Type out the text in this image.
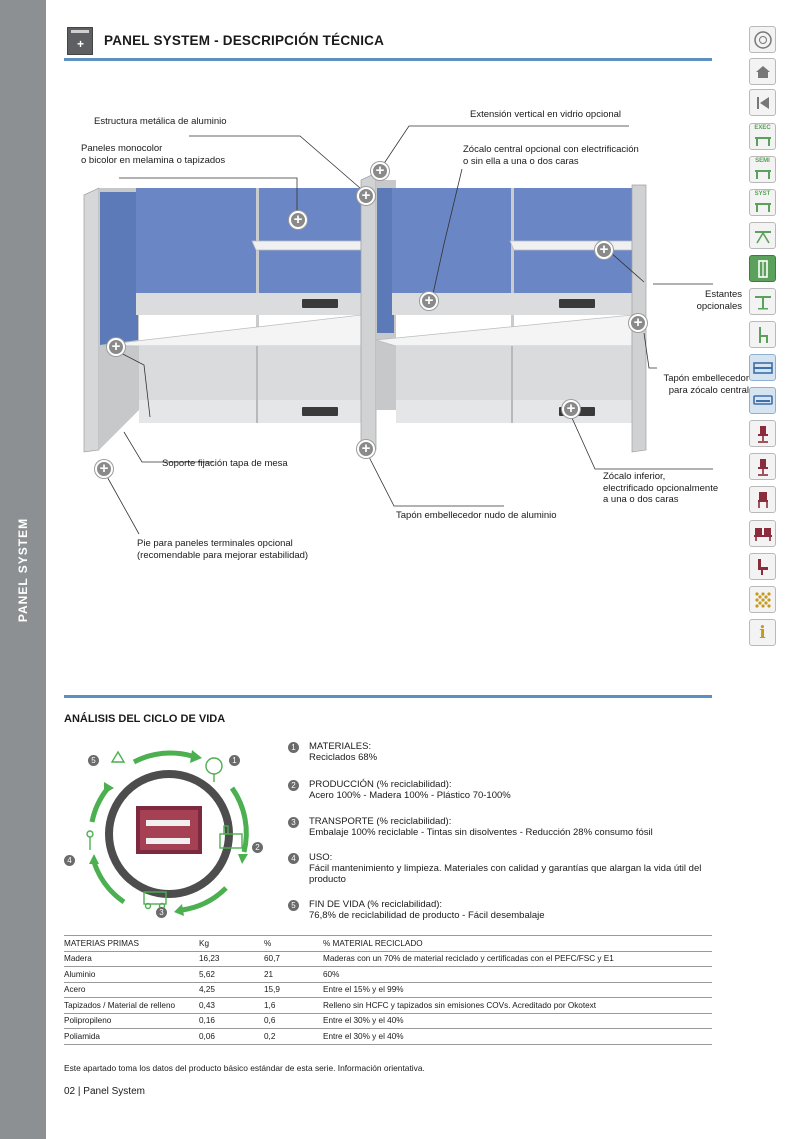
PANEL SYSTEM
+ PANEL SYSTEM - DESCRIPCIÓN TÉCNICA
+
+
+
+
+
+
+
+
+
+
Estructura metálica de aluminio
Paneles monocolor
o bicolor en melamina o tapizados
Extensión vertical en vidrio opcional
Zócalo central opcional con electrificación
o sin ella a una o dos caras
Estantes
opcionales
Tapón embellecedor
para zócalo central
Soporte fijación tapa de mesa
Zócalo inferior,
electrificado opcionalmente
a una o dos caras
Tapón embellecedor nudo de aluminio
Pie para paneles terminales opcional
(recomendable para mejorar estabilidad)
EXEC
SEMI
SYST
i
ANÁLISIS DEL CICLO DE VIDA
1
2
3
4
5
1	MATERIALES:
Reciclados 68%
2	PRODUCCIÓN (% reciclabilidad):
Acero 100% - Madera 100% - Plástico 70-100%
3	TRANSPORTE (% reciclabilidad):
Embalaje 100% reciclable - Tintas sin disolventes - Reducción 28% consumo fósil
4	USO:
Fácil mantenimiento y limpieza. Materiales con calidad y garantías que alargan la vida útil del producto
5	FIN DE VIDA (% reciclabilidad):
76,8% de reciclabilidad de producto - Fácil desembalaje
MATERIAS PRIMAS	Kg	%	% MATERIAL RECICLADO
Madera	16,23	60,7	Maderas con un 70% de material reciclado y certificadas con el PEFC/FSC y E1
Aluminio	5,62	21	60%
Acero	4,25	15,9	Entre el 15% y el 99%
Tapizados / Material de relleno	0,43	1,6	Relleno sin HCFC y tapizados sin emisiones COVs. Acreditado por Okotext
Polipropileno	0,16	0,6	Entre el 30% y el 40%
Poliamida	0,06	0,2	Entre el 30% y el 40%
Este apartado toma los datos del producto básico estándar de esta serie. Información orientativa.
02 | Panel System
